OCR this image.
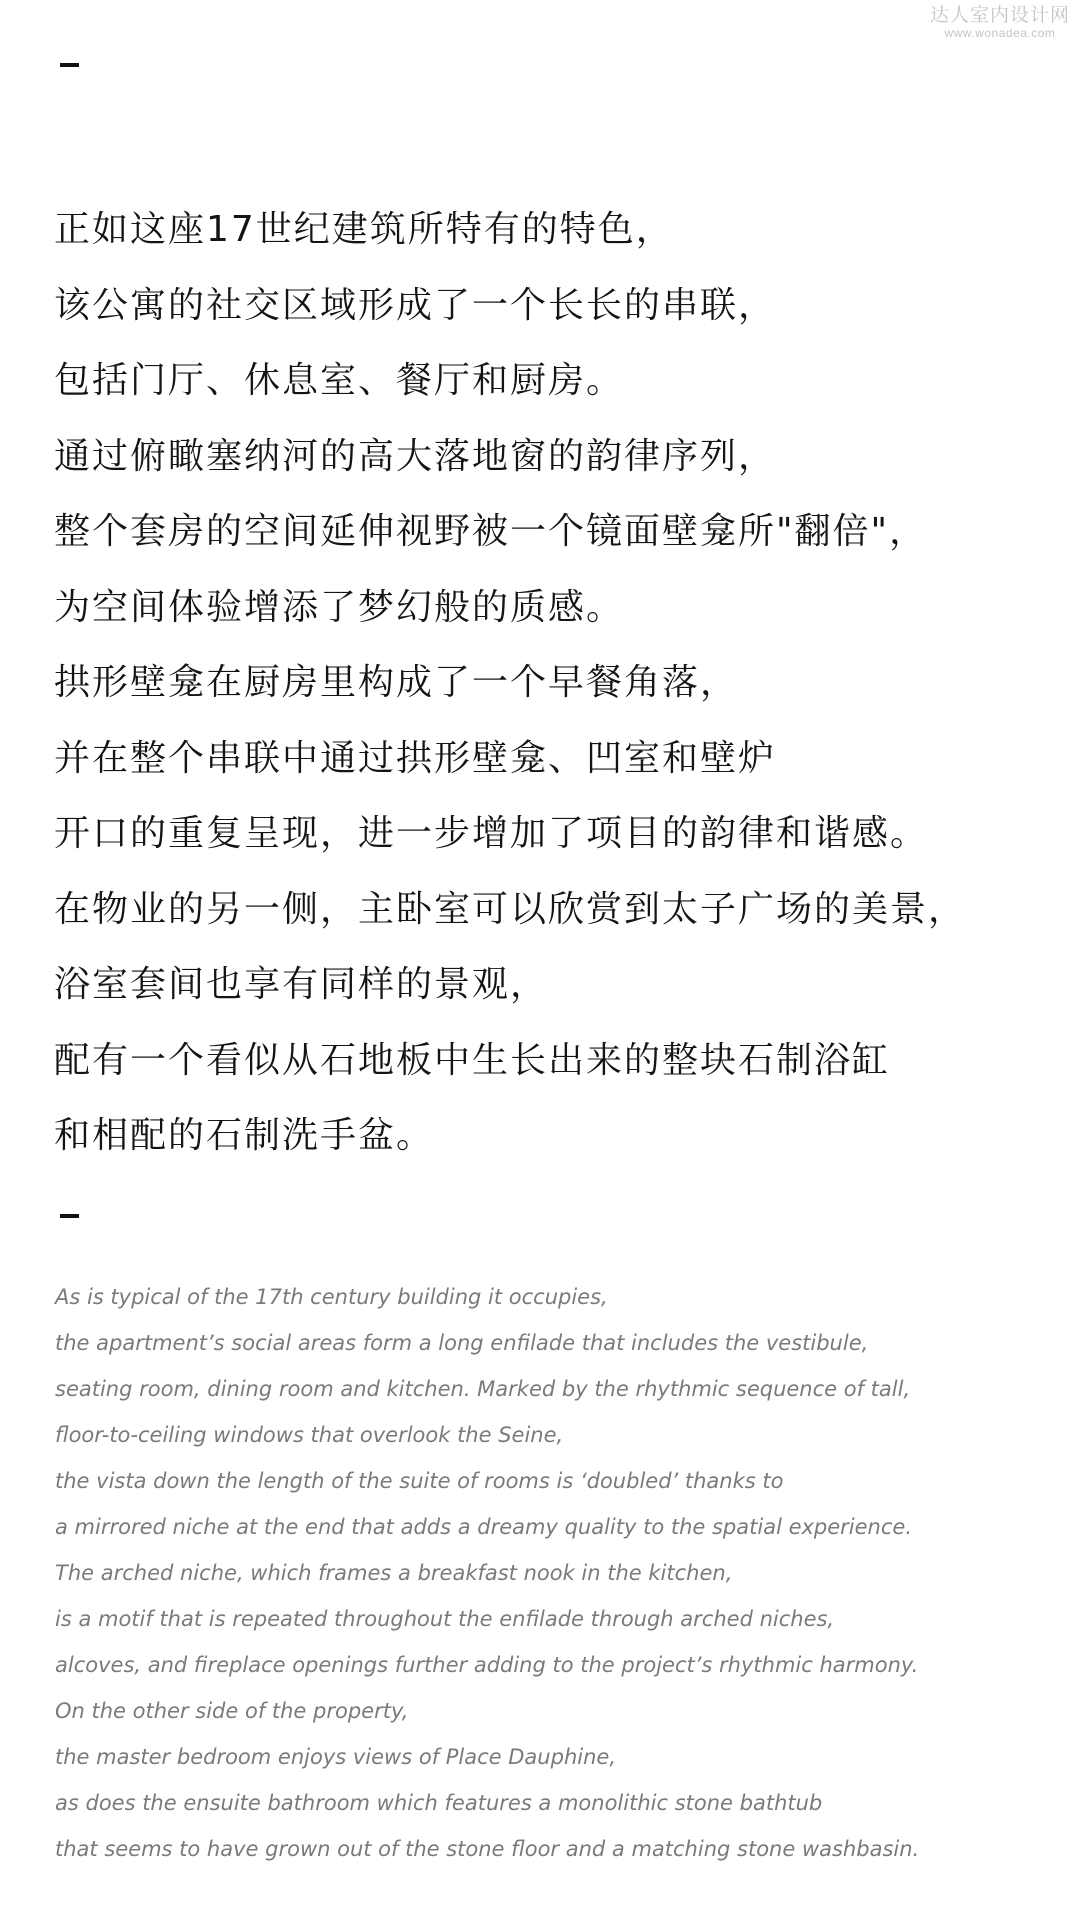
达人室内设计网
www.wonadea.com
正如这座17世纪建筑所特有的特色，
该公寓的社交区域形成了一个长长的串联，
包括门厅、休息室、餐厅和厨房。
通过俯瞰塞纳河的高大落地窗的韵律序列，
整个套房的空间延伸视野被一个镜面壁龛所"翻倍"，
为空间体验增添了梦幻般的质感。
拱形壁龛在厨房里构成了一个早餐角落，
并在整个串联中通过拱形壁龛、凹室和壁炉
开口的重复呈现，进一步增加了项目的韵律和谐感。
在物业的另一侧，主卧室可以欣赏到太子广场的美景，
浴室套间也享有同样的景观，
配有一个看似从石地板中生长出来的整块石制浴缸
和相配的石制洗手盆。
As is typical of the 17th century building it occupies,
the apartment’s social areas form a long enfilade that includes the vestibule,
seating room, dining room and kitchen. Marked by the rhythmic sequence of tall,
floor-to-ceiling windows that overlook the Seine,
the vista down the length of the suite of rooms is ‘doubled’ thanks to
a mirrored niche at the end that adds a dreamy quality to the spatial experience.
The arched niche, which frames a breakfast nook in the kitchen,
is a motif that is repeated throughout the enfilade through arched niches,
alcoves, and fireplace openings further adding to the project’s rhythmic harmony.
On the other side of the property,
the master bedroom enjoys views of Place Dauphine,
as does the ensuite bathroom which features a monolithic stone bathtub
that seems to have grown out of the stone floor and a matching stone washbasin.
